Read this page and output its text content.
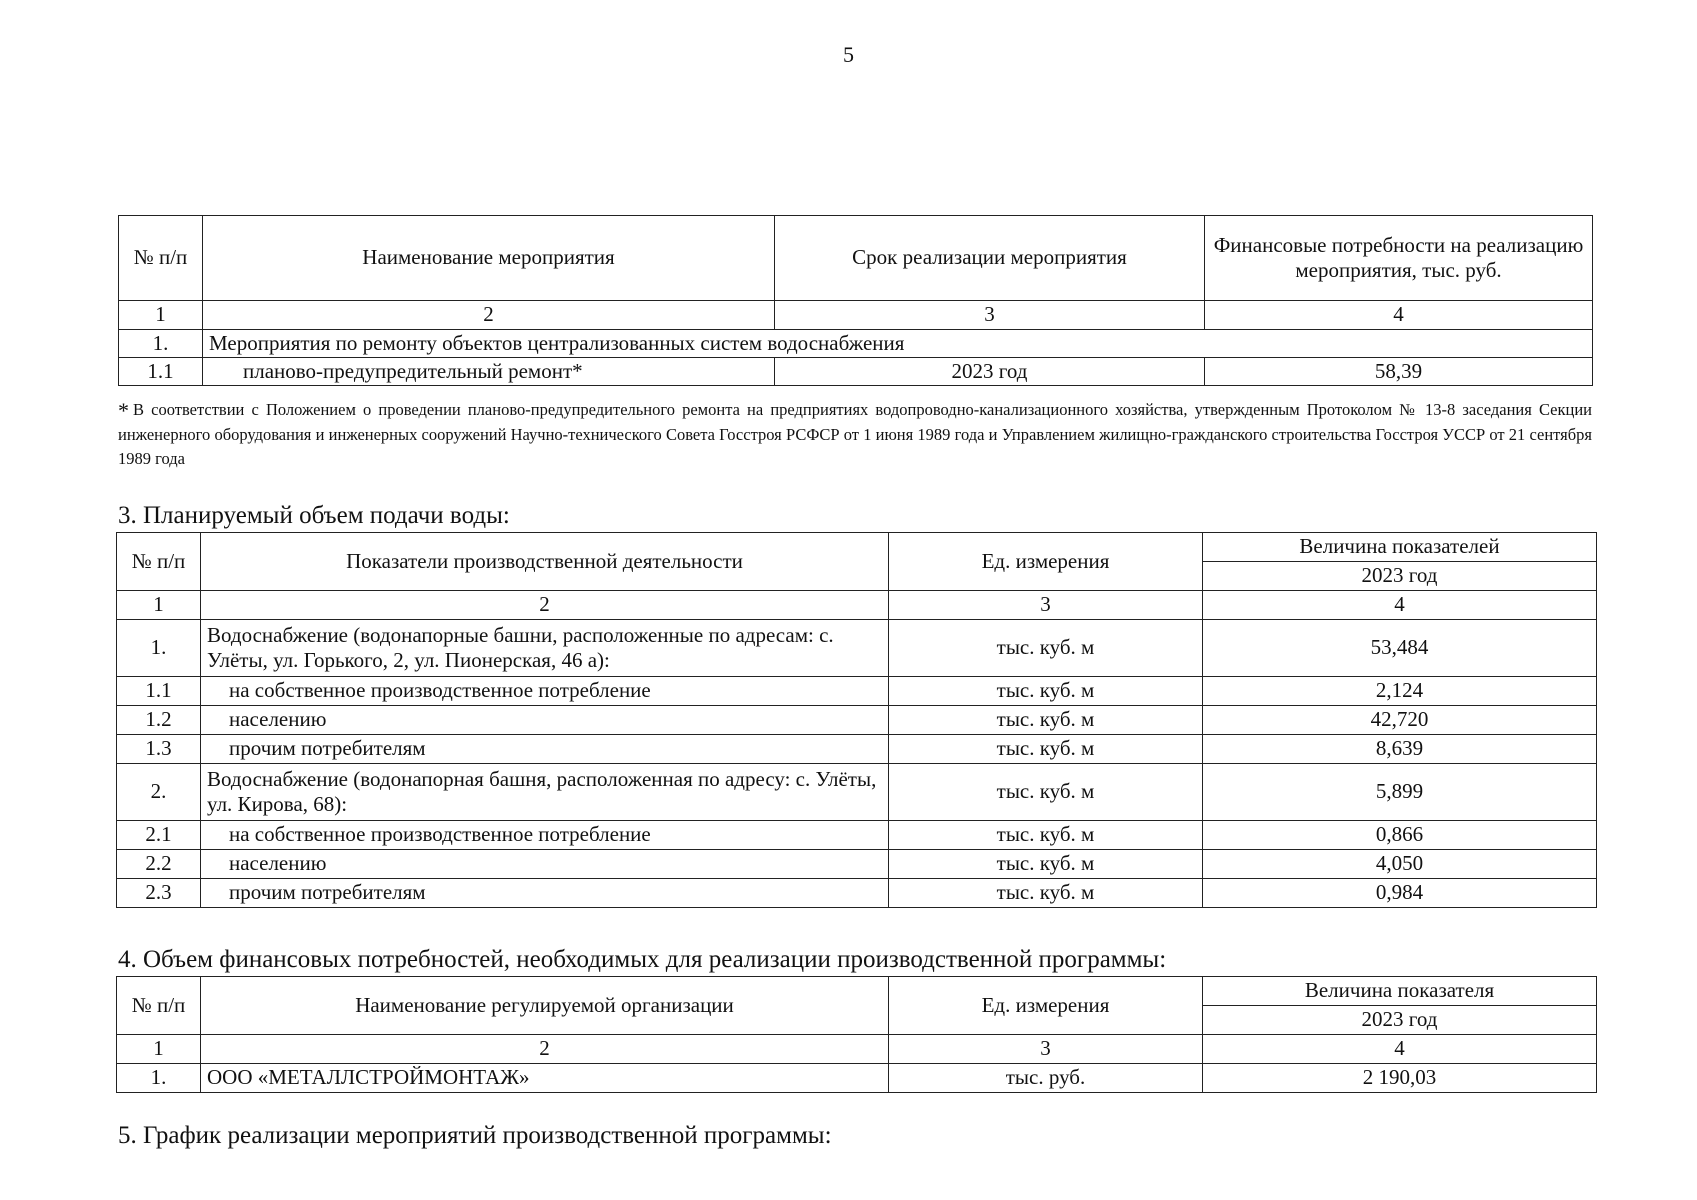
5
№ п/п	Наименование мероприятия	Срок реализации мероприятия	Финансовые потребности на реализацию мероприятия, тыс. руб.
1	2	3	4
1.	Мероприятия по ремонту объектов централизованных систем водоснабжения		
1.1	планово-предупредительный ремонт*	2023 год	58,39
* В соответствии с Положением о проведении планово-предупредительного ремонта на предприятиях водопроводно-канализационного хозяйства, утвержденным Протоколом № 13-8 заседания Секции инженерного оборудования и инженерных сооружений Научно-технического Совета Госстроя РСФСР от 1 июня 1989 года и Управлением жилищно-гражданского строительства Госстроя УССР от 21 сентября 1989 года
3. Планируемый объем подачи воды:
№ п/п	Показатели производственной деятельности	Ед. измерения	Величина показателей
			2023 год
1	2	3	4
1.	Водоснабжение (водонапорные башни, расположенные по адресам: с. Улёты, ул. Горького, 2, ул. Пионерская, 46 а):	тыс. куб. м	53,484
1.1	на собственное производственное потребление	тыс. куб. м	2,124
1.2	населению	тыс. куб. м	42,720
1.3	прочим потребителям	тыс. куб. м	8,639
2.	Водоснабжение (водонапорная башня, расположенная по адресу: с. Улёты, ул. Кирова, 68):	тыс. куб. м	5,899
2.1	на собственное производственное потребление	тыс. куб. м	0,866
2.2	населению	тыс. куб. м	4,050
2.3	прочим потребителям	тыс. куб. м	0,984
4. Объем финансовых потребностей, необходимых для реализации производственной программы:
№ п/п	Наименование регулируемой организации	Ед. измерения	Величина показателя
			2023 год
1	2	3	4
1.	ООО «МЕТАЛЛСТРОЙМОНТАЖ»	тыс. руб.	2 190,03
5. График реализации мероприятий производственной программы:
